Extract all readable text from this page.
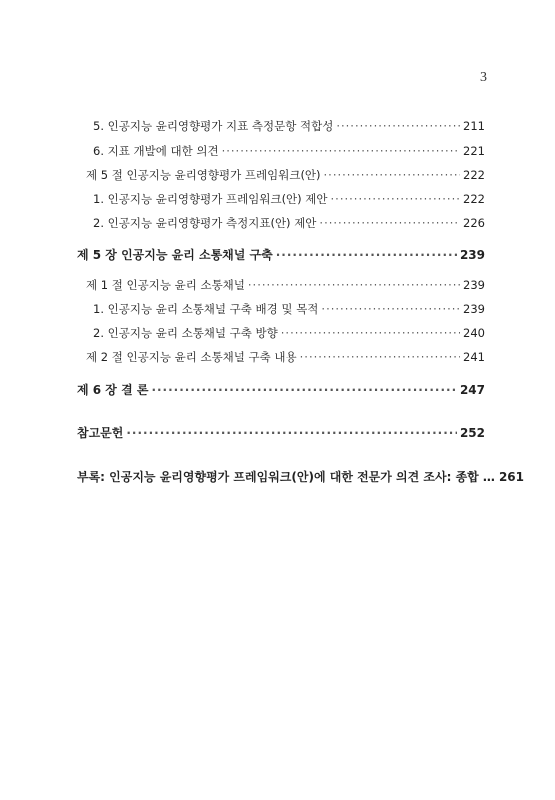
3
5. 인공지능 윤리영향평가 지표 측정문항 적합성 ·····	211
6. 지표 개발에 대한 의견 ·····	221
제 5 절 인공지능 윤리영향평가 프레임워크(안) ·····	222
1. 인공지능 윤리영향평가 프레임워크(안) 제안 ·····	222
2. 인공지능 윤리영향평가 측정지표(안) 제안 ·····	226
제 5 장 인공지능 윤리 소통채널 구축 ·····	239
제 1 절 인공지능 윤리 소통채널 ·····	239
1. 인공지능 윤리 소통채널 구축 배경 및 목적 ·····	239
2. 인공지능 윤리 소통채널 구축 방향 ·····	240
제 2 절 인공지능 윤리 소통채널 구축 내용 ·····	241
제 6 장 결 론 ·····	247
참고문헌 ·····	252
부록: 인공지능 윤리영향평가 프레임워크(안)에 대한 전문가 의견 조사: 종합 … 261
